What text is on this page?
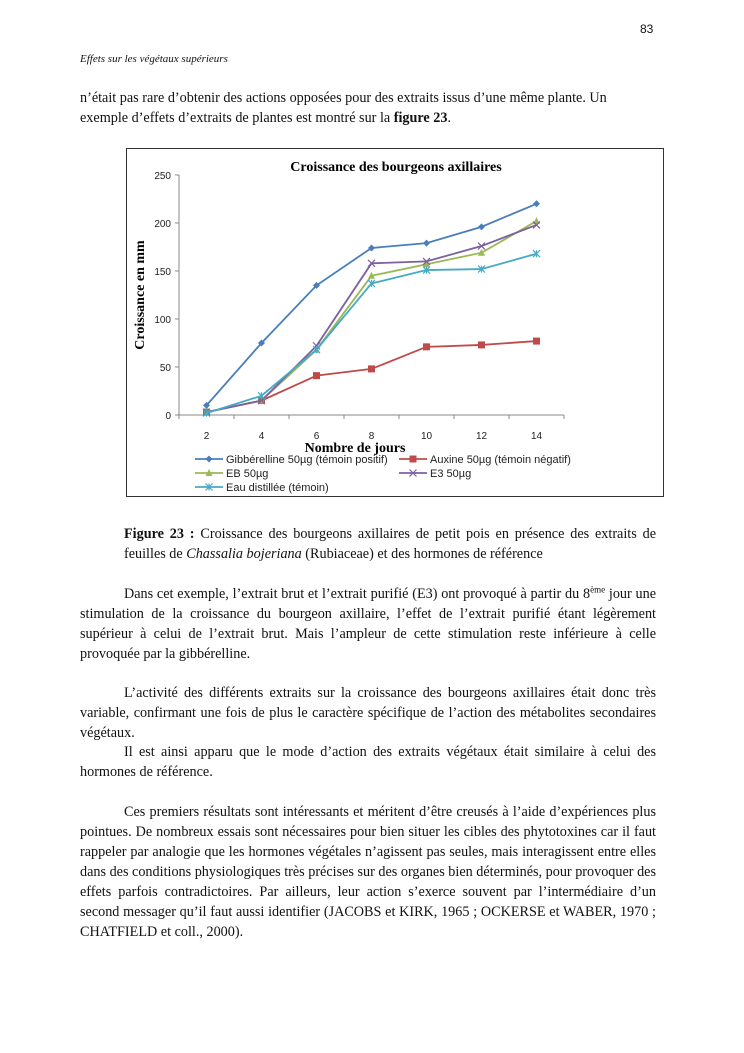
83
Effets sur les végétaux supérieurs

n’était pas rare d’obtenir des actions opposées pour des extraits issus d’une même plante. Un
exemple d’effets d’extraits de plantes est montré sur la figure 23.

Croissance des bourgeons axillaires
0
50
100
150
200
250
2	4	6	8	10	12	14
Nombre de jours
Croissance en mm
Gibbérelline 50µg (témoin positif)	Auxine 50µg (témoin négatif)
EB 50µg	E3 50µg
Eau distillée (témoin)

Figure 23 : Croissance des bourgeons axillaires de petit pois en présence des extraits de feuilles de Chassalia bojeriana (Rubiaceae) et des hormones de référence

Dans cet exemple, l’extrait brut et l’extrait purifié (E3) ont provoqué à partir du 8ème jour une stimulation de la croissance du bourgeon axillaire, l’effet de l’extrait purifié étant légèrement supérieur à celui de l’extrait brut. Mais l’ampleur de cette stimulation reste inférieure à celle provoquée par la gibbérelline.

L’activité des différents extraits sur la croissance des bourgeons axillaires était donc très variable, confirmant une fois de plus le caractère spécifique de l’action des métabolites secondaires végétaux.

Il est ainsi apparu que le mode d’action des extraits végétaux était similaire à celui des hormones de référence.

Ces premiers résultats sont intéressants et méritent d’être creusés à l’aide d’expériences plus pointues. De nombreux essais sont nécessaires pour bien situer les cibles des phytotoxines car il faut rappeler par analogie que les hormones végétales n’agissent pas seules, mais interagissent entre elles dans des conditions physiologiques très précises sur des organes bien déterminés, pour provoquer des effets parfois contradictoires. Par ailleurs, leur action s’exerce souvent par l’intermédiaire d’un second messager qu’il faut aussi identifier (JACOBS et KIRK, 1965 ; OCKERSE et WABER, 1970 ; CHATFIELD et coll., 2000).
